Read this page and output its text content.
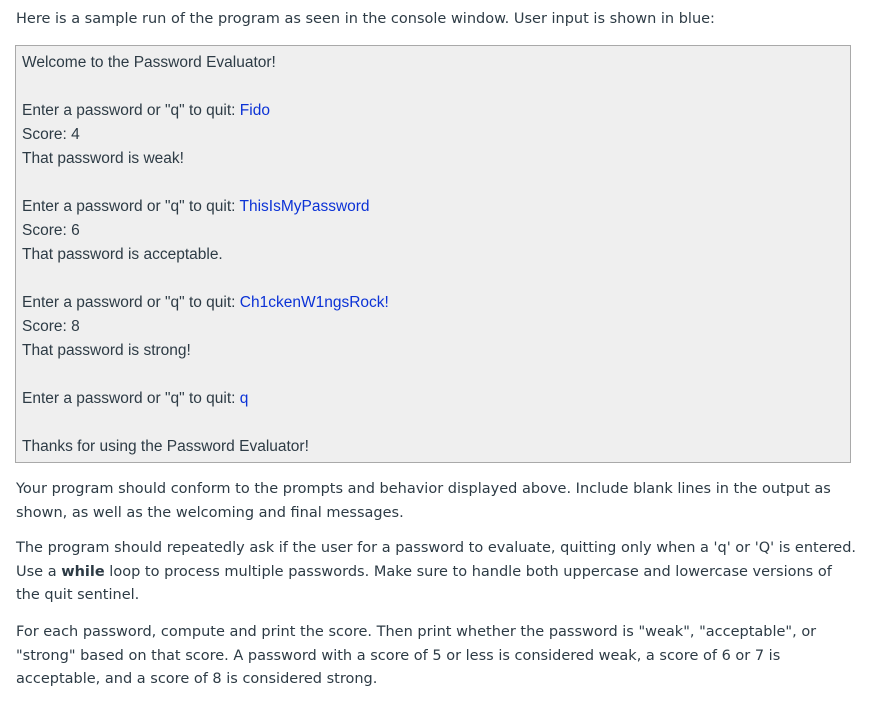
Here is a sample run of the program as seen in the console window. User input is shown in blue:

Welcome to the Password Evaluator!
Enter a password or "q" to quit: Fido
Score: 4
That password is weak!
Enter a password or "q" to quit: ThisIsMyPassword
Score: 6
That password is acceptable.
Enter a password or "q" to quit: Ch1ckenW1ngsRock!
Score: 8
That password is strong!
Enter a password or "q" to quit: q
Thanks for using the Password Evaluator!

Your program should conform to the prompts and behavior displayed above. Include blank lines in the output as shown, as well as the welcoming and final messages.

The program should repeatedly ask if the user for a password to evaluate, quitting only when a 'q' or 'Q' is entered. Use a while loop to process multiple passwords. Make sure to handle both uppercase and lowercase versions of the quit sentinel.

For each password, compute and print the score. Then print whether the password is "weak", "acceptable", or "strong" based on that score. A password with a score of 5 or less is considered weak, a score of 6 or 7 is acceptable, and a score of 8 is considered strong.
